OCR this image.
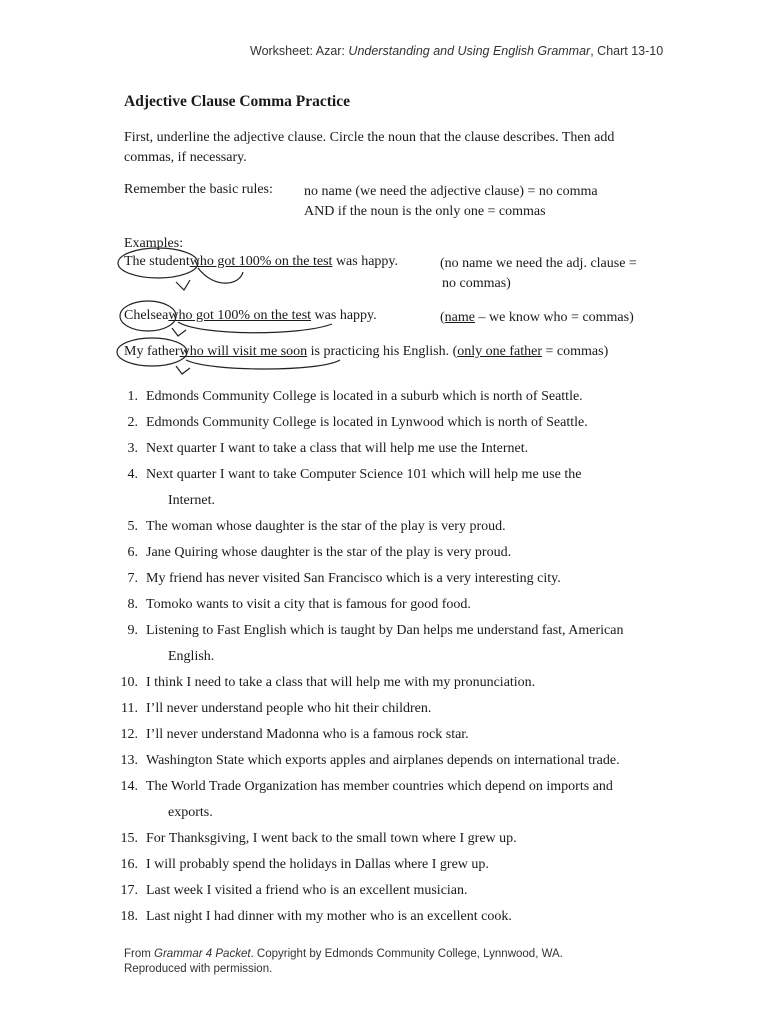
Worksheet: Azar: Understanding and Using English Grammar, Chart 13-10
Adjective Clause Comma Practice
First, underline the adjective clause. Circle the noun that the clause describes. Then add commas, if necessary.
Remember the basic rules: no name (we need the adjective clause) = no comma
AND if the noun is the only one = commas
Examples:
The studentwho got 100% on the test was happy.	(no name we need the adj. clause =
no commas)
Chelseawho got 100% on the test was happy.	(name – we know who = commas)
My fatherwho will visit me soon is practicing his English. (only one father = commas)
1. Edmonds Community College is located in a suburb which is north of Seattle.
2. Edmonds Community College is located in Lynwood which is north of Seattle.
3. Next quarter I want to take a class that will help me use the Internet.
4. Next quarter I want to take Computer Science 101 which will help me use the
Internet.
5. The woman whose daughter is the star of the play is very proud.
6. Jane Quiring whose daughter is the star of the play is very proud.
7. My friend has never visited San Francisco which is a very interesting city.
8. Tomoko wants to visit a city that is famous for good food.
9. Listening to Fast English which is taught by Dan helps me understand fast, American
English.
10. I think I need to take a class that will help me with my pronunciation.
11. I’ll never understand people who hit their children.
12. I’ll never understand Madonna who is a famous rock star.
13. Washington State which exports apples and airplanes depends on international trade.
14. The World Trade Organization has member countries which depend on imports and
exports.
15. For Thanksgiving, I went back to the small town where I grew up.
16. I will probably spend the holidays in Dallas where I grew up.
17. Last week I visited a friend who is an excellent musician.
18. Last night I had dinner with my mother who is an excellent cook.
From Grammar 4 Packet. Copyright by Edmonds Community College, Lynnwood, WA.
Reproduced with permission.
